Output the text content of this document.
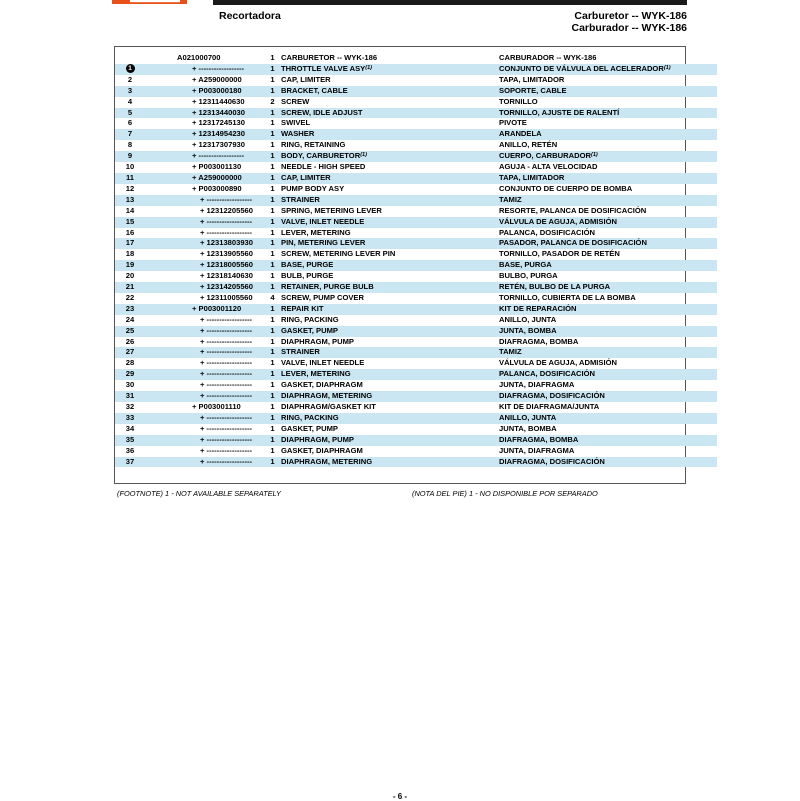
Recortadora	Carburetor -- WYK-186
Carburador -- WYK-186
	A021000700	1	CARBURETOR -- WYK-186	CARBURADOR -- WYK-186
1	+ ------------------	1	THROTTLE VALVE ASY$^{(1)}$	CONJUNTO DE VÁLVULA DEL ACELERADOR$^{(1)}$
2	+ A259000000	1	CAP, LIMITER	TAPA, LIMITADOR
3	+ P003000180	1	BRACKET, CABLE	SOPORTE, CABLE
4	+ 12311440630	2	SCREW	TORNILLO
5	+ 12313440030	1	SCREW, IDLE ADJUST	TORNILLO, AJUSTE DE RALENTÍ
6	+ 12317245130	1	SWIVEL	PIVOTE
7	+ 12314954230	1	WASHER	ARANDELA
8	+ 12317307930	1	RING, RETAINING	ANILLO, RETÉN
9	+ ------------------	1	BODY, CARBURETOR$^{(1)}$	CUERPO, CARBURADOR$^{(1)}$
10	+ P003001130	1	NEEDLE - HIGH SPEED	AGUJA - ALTA VELOCIDAD
11	+ A259000000	1	CAP, LIMITER	TAPA, LIMITADOR
12	+ P003000890	1	PUMP BODY ASY	CONJUNTO DE CUERPO DE BOMBA
13	+ ------------------	1	STRAINER	TAMIZ
14	+ 12312205560	1	SPRING, METERING LEVER	RESORTE, PALANCA DE DOSIFICACIÓN
15	+ ------------------	1	VALVE, INLET NEEDLE	VÁLVULA DE AGUJA, ADMISIÓN
16	+ ------------------	1	LEVER, METERING	PALANCA, DOSIFICACIÓN
17	+ 12313803930	1	PIN, METERING LEVER	PASADOR, PALANCA DE DOSIFICACIÓN
18	+ 12313905560	1	SCREW, METERING LEVER PIN	TORNILLO, PASADOR DE RETÉN
19	+ 12318005560	1	BASE, PURGE	BASE, PURGA
20	+ 12318140630	1	BULB, PURGE	BULBO, PURGA
21	+ 12314205560	1	RETAINER, PURGE BULB	RETÉN, BULBO DE LA PURGA
22	+ 12311005560	4	SCREW, PUMP COVER	TORNILLO, CUBIERTA DE LA BOMBA
23	+ P003001120	1	REPAIR KIT	KIT DE REPARACIÓN
24	+ ------------------	1	RING, PACKING	ANILLO, JUNTA
25	+ ------------------	1	GASKET, PUMP	JUNTA, BOMBA
26	+ ------------------	1	DIAPHRAGM, PUMP	DIAFRAGMA, BOMBA
27	+ ------------------	1	STRAINER	TAMIZ
28	+ ------------------	1	VALVE, INLET NEEDLE	VÁLVULA DE AGUJA, ADMISIÓN
29	+ ------------------	1	LEVER, METERING	PALANCA, DOSIFICACIÓN
30	+ ------------------	1	GASKET, DIAPHRAGM	JUNTA, DIAFRAGMA
31	+ ------------------	1	DIAPHRAGM, METERING	DIAFRAGMA, DOSIFICACIÓN
32	+ P003001110	1	DIAPHRAGM/GASKET KIT	KIT DE DIAFRAGMA/JUNTA
33	+ ------------------	1	RING, PACKING	ANILLO, JUNTA
34	+ ------------------	1	GASKET, PUMP	JUNTA, BOMBA
35	+ ------------------	1	DIAPHRAGM, PUMP	DIAFRAGMA, BOMBA
36	+ ------------------	1	GASKET, DIAPHRAGM	JUNTA, DIAFRAGMA
37	+ ------------------	1	DIAPHRAGM, METERING	DIAFRAGMA, DOSIFICACIÓN
(FOOTNOTE) 1 - NOT AVAILABLE SEPARATELY	(NOTA DEL PIE) 1 - NO DISPONIBLE POR SEPARADO
- 6 -
